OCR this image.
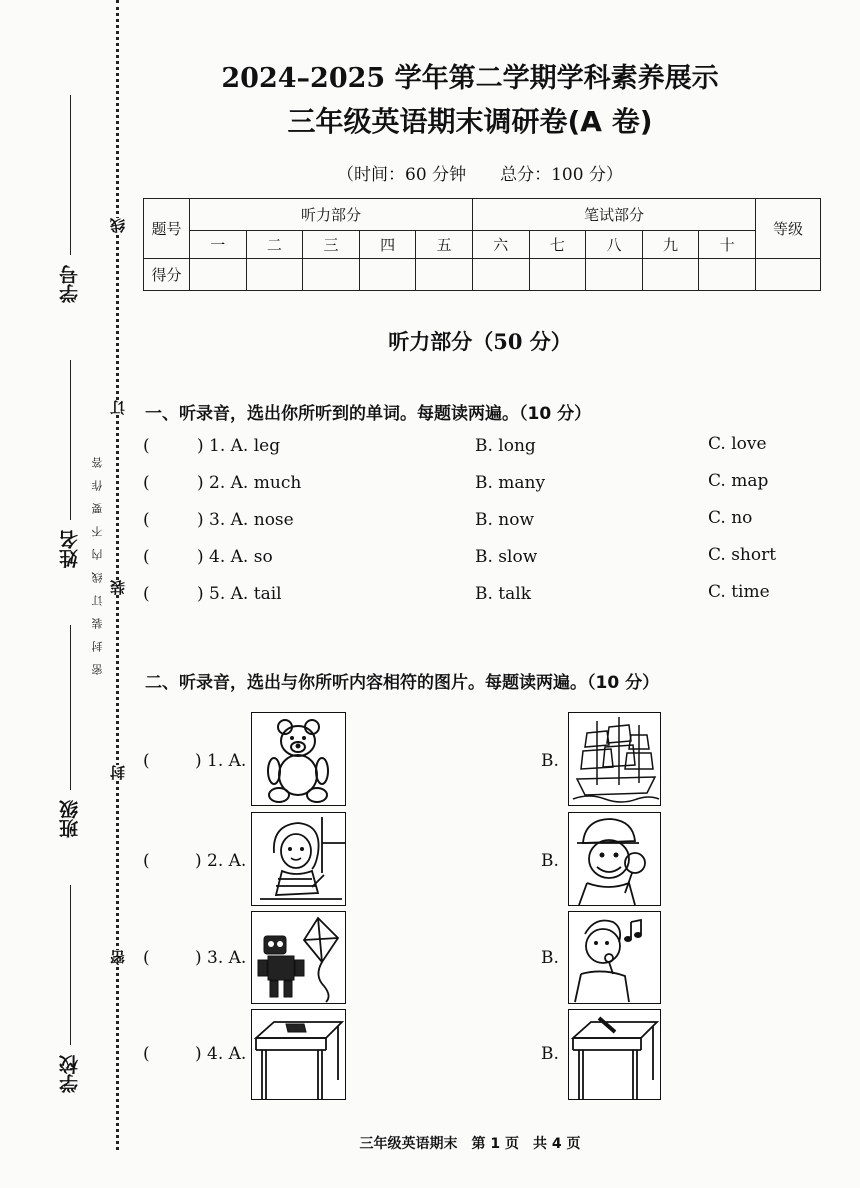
学校
班级
姓名
学号
密
封
装
订
线
密封装订线内不要作答
2024–2025 学年第二学期学科素养展示
三年级英语期末调研卷(A 卷)
（时间：60 分钟　　总分：100 分）
题号	听力部分					笔试部分					等级
	一	二	三	四	五	六	七	八	九	十	
得分											
听力部分（50 分）
一、听录音，选出你所听到的单词。每题读两遍。（10 分）
(	) 1. A. leg	B. long	C. love
(	) 2. A. much	B. many	C. map
(	) 3. A. nose	B. now	C. no
(	) 4. A. so	B. slow	C. short
(	) 5. A. tail	B. talk	C. time
二、听录音，选出与你所听内容相符的图片。每题读两遍。（10 分）
(	) 1. A.	B.
(	) 2. A.	B.
(	) 3. A.	B.
(	) 4. A.	B.
三年级英语期末　第 1 页　共 4 页
